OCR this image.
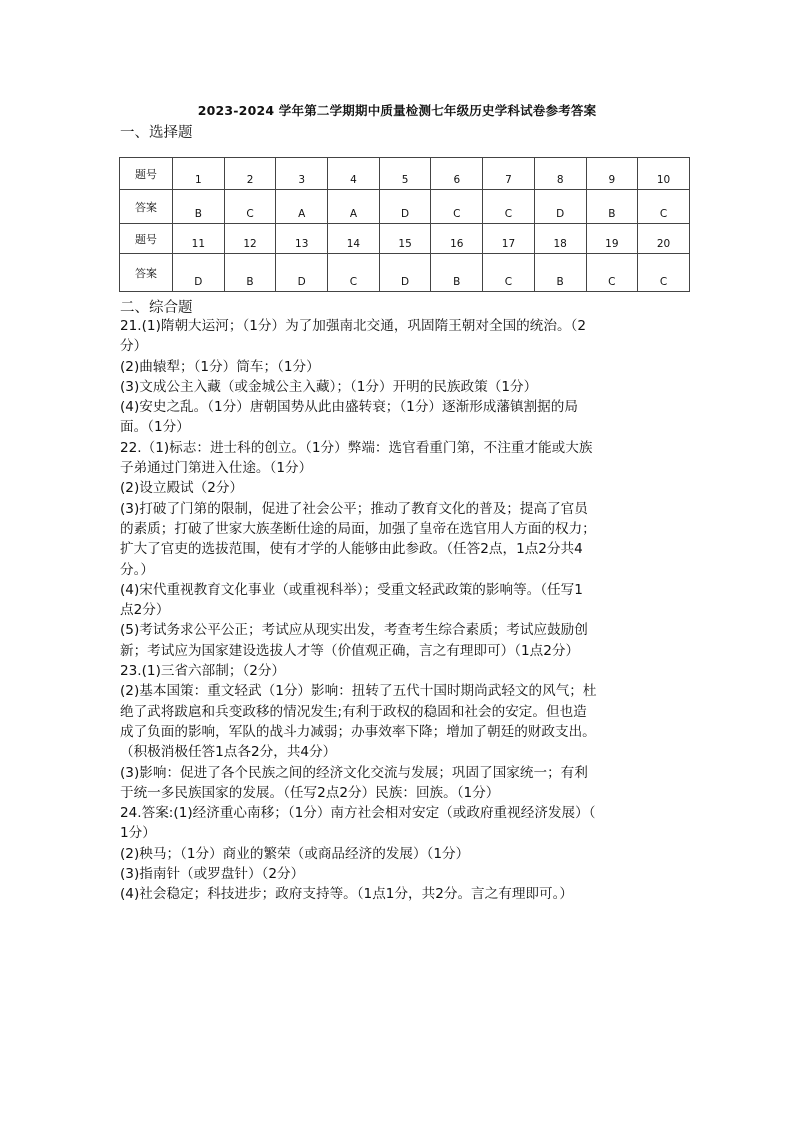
2023-2024 学年第二学期期中质量检测七年级历史学科试卷参考答案
一、选择题
题号	1	2	3	4	5	6	7	8	9	10
答案	B	C	A	A	D	C	C	D	B	C
题号	11	12	13	14	15	16	17	18	19	20
答案	D	B	D	C	D	B	C	B	C	C
二、综合题

21.(1)隋朝大运河；（1分）为了加强南北交通，巩固隋王朝对全国的统治。（2

分）

(2)曲辕犁；（1分）筒车；（1分）

(3)文成公主入藏（或金城公主入藏）；（1分）开明的民族政策（1分）

(4)安史之乱。（1分）唐朝国势从此由盛转衰；（1分）逐渐形成藩镇割据的局

面。（1分）

22.（1)标志：进士科的创立。（1分）弊端：选官看重门第，不注重才能或大族

子弟通过门第进入仕途。（1分）

(2)设立殿试（2分）

(3)打破了门第的限制，促进了社会公平；推动了教育文化的普及；提高了官员

的素质；打破了世家大族垄断仕途的局面，加强了皇帝在选官用人方面的权力；

扩大了官吏的选拔范围，使有才学的人能够由此参政。（任答2点，1点2分共4

分。）

(4)宋代重视教育文化事业（或重视科举）；受重文轻武政策的影响等。（任写1

点2分）

(5)考试务求公平公正；考试应从现实出发，考查考生综合素质；考试应鼓励创

新；考试应为国家建设选拔人才等（价值观正确，言之有理即可）（1点2分）

23.(1)三省六部制；（2分）

(2)基本国策：重文轻武（1分）影响：扭转了五代十国时期尚武轻文的风气；杜

绝了武将跋扈和兵变政移的情况发生;有利于政权的稳固和社会的安定。但也造

成了负面的影响，军队的战斗力减弱；办事效率下降；增加了朝廷的财政支出。

（积极消极任答1点各2分，共4分）

(3)影响：促进了各个民族之间的经济文化交流与发展；巩固了国家统一；有利

于统一多民族国家的发展。（任写2点2分）民族：回族。（1分）

24.答案:(1)经济重心南移；（1分）南方社会相对安定（或政府重视经济发展）（

1分）

(2)秧马；（1分）商业的繁荣（或商品经济的发展）（1分）

(3)指南针（或罗盘针）（2分）

(4)社会稳定；科技进步；政府支持等。（1点1分，共2分。言之有理即可。）
